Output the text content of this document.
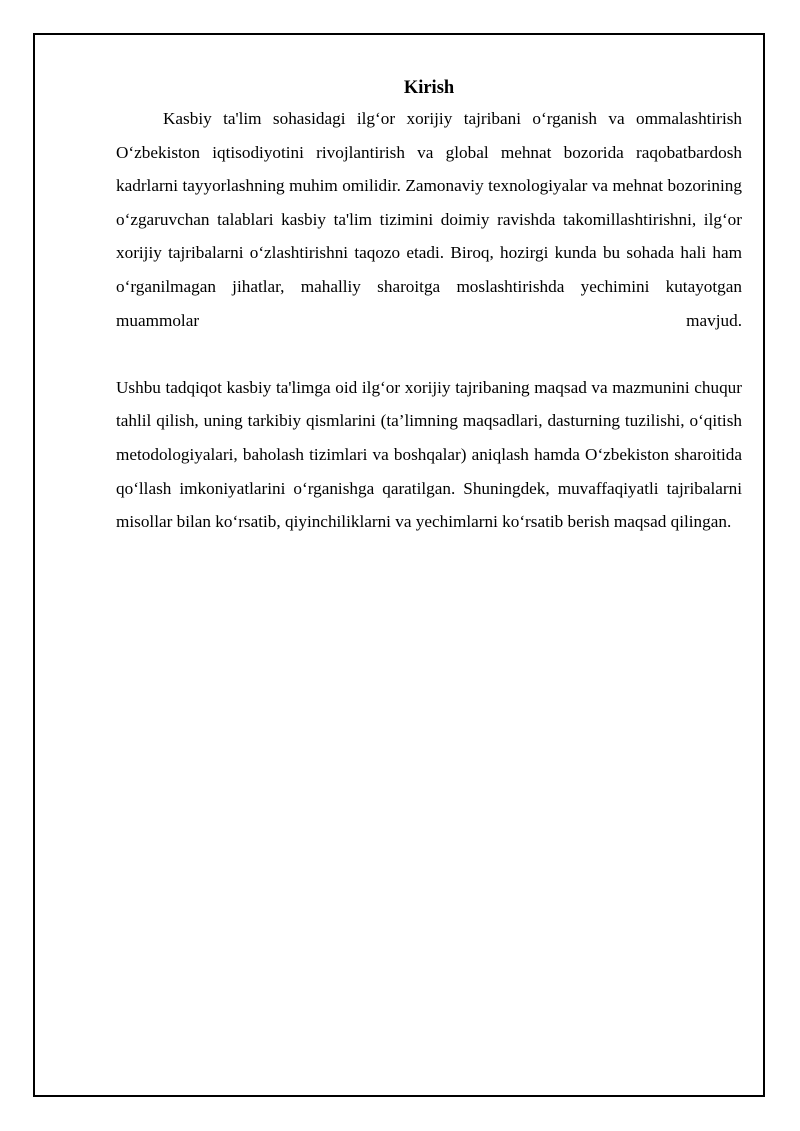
Kirish

Kasbiy ta'lim sohasidagi ilg‘or xorijiy tajribani o‘rganish va ommalashtirish O‘zbekiston iqtisodiyotini rivojlantirish va global mehnat bozorida raqobatbardosh kadrlarni tayyorlashning muhim omilidir. Zamonaviy texnologiyalar va mehnat bozorining o‘zgaruvchan talablari kasbiy ta'lim tizimini doimiy ravishda takomillashtirishni, ilg‘or xorijiy tajribalarni o‘zlashtirishni taqozo etadi. Biroq, hozirgi kunda bu sohada hali ham o‘rganilmagan jihatlar, mahalliy sharoitga moslashtirishda yechimini kutayotgan muammolar mavjud.

Ushbu tadqiqot kasbiy ta'limga oid ilg‘or xorijiy tajribaning maqsad va mazmunini chuqur tahlil qilish, uning tarkibiy qismlarini (ta’limning maqsadlari, dasturning tuzilishi, o‘qitish metodologiyalari, baholash tizimlari va boshqalar) aniqlash hamda O‘zbekiston sharoitida qo‘llash imkoniyatlarini o‘rganishga qaratilgan. Shuningdek, muvaffaqiyatli tajribalarni misollar bilan ko‘rsatib, qiyinchiliklarni va yechimlarni ko‘rsatib berish maqsad qilingan.
